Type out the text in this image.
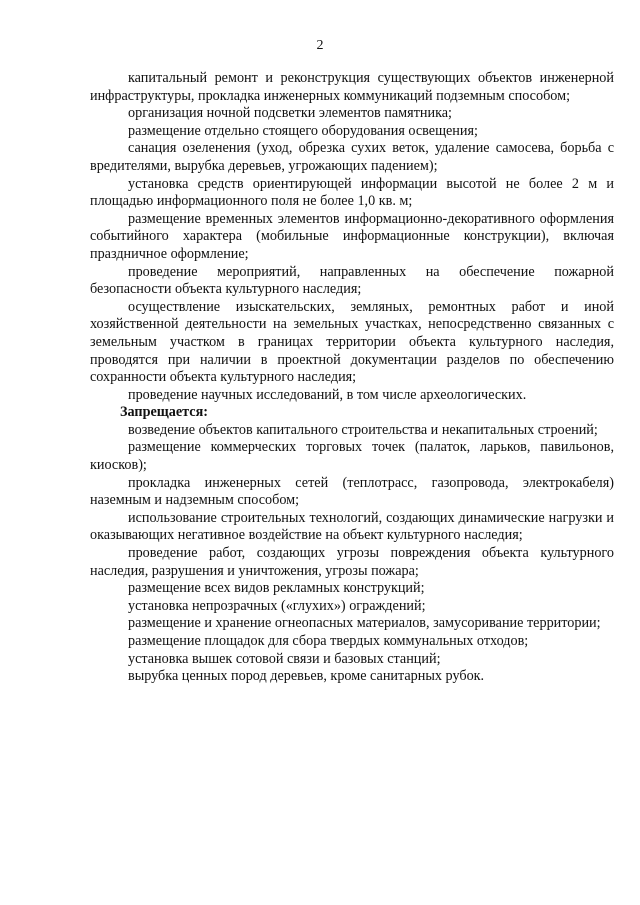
2

капитальный ремонт и реконструкция существующих объектов инженерной инфраструктуры, прокладка инженерных коммуникаций подземным способом;

организация ночной подсветки элементов памятника;

размещение отдельно стоящего оборудования освещения;

санация озеленения (уход, обрезка сухих веток, удаление самосева, борьба с вредителями, вырубка деревьев, угрожающих падением);

установка средств ориентирующей информации высотой не более 2 м и площадью информационного поля не более 1,0 кв. м;

размещение временных элементов информационно-декоративного оформления событийного характера (мобильные информационные конструкции), включая праздничное оформление;

проведение мероприятий, направленных на обеспечение пожарной безопасности объекта культурного наследия;

осуществление изыскательских, земляных, ремонтных работ и иной хозяйственной деятельности на земельных участках, непосредственно связанных с земельным участком в границах территории объекта культурного наследия, проводятся при наличии в проектной документации разделов по обеспечению сохранности объекта культурного наследия;

проведение научных исследований, в том числе археологических.

Запрещается:

возведение объектов капитального строительства и некапитальных строений;

размещение коммерческих торговых точек (палаток, ларьков, павильонов, киосков);

прокладка инженерных сетей (теплотрасс, газопровода, электрокабеля) наземным и надземным способом;

использование строительных технологий, создающих динамические нагрузки и оказывающих негативное воздействие на объект культурного наследия;

проведение работ, создающих угрозы повреждения объекта культурного наследия, разрушения и уничтожения, угрозы пожара;

размещение всех видов рекламных конструкций;

установка непрозрачных («глухих») ограждений;

размещение и хранение огнеопасных материалов, замусоривание территории;

размещение площадок для сбора твердых коммунальных отходов;

установка вышек сотовой связи и базовых станций;

вырубка ценных пород деревьев, кроме санитарных рубок.
